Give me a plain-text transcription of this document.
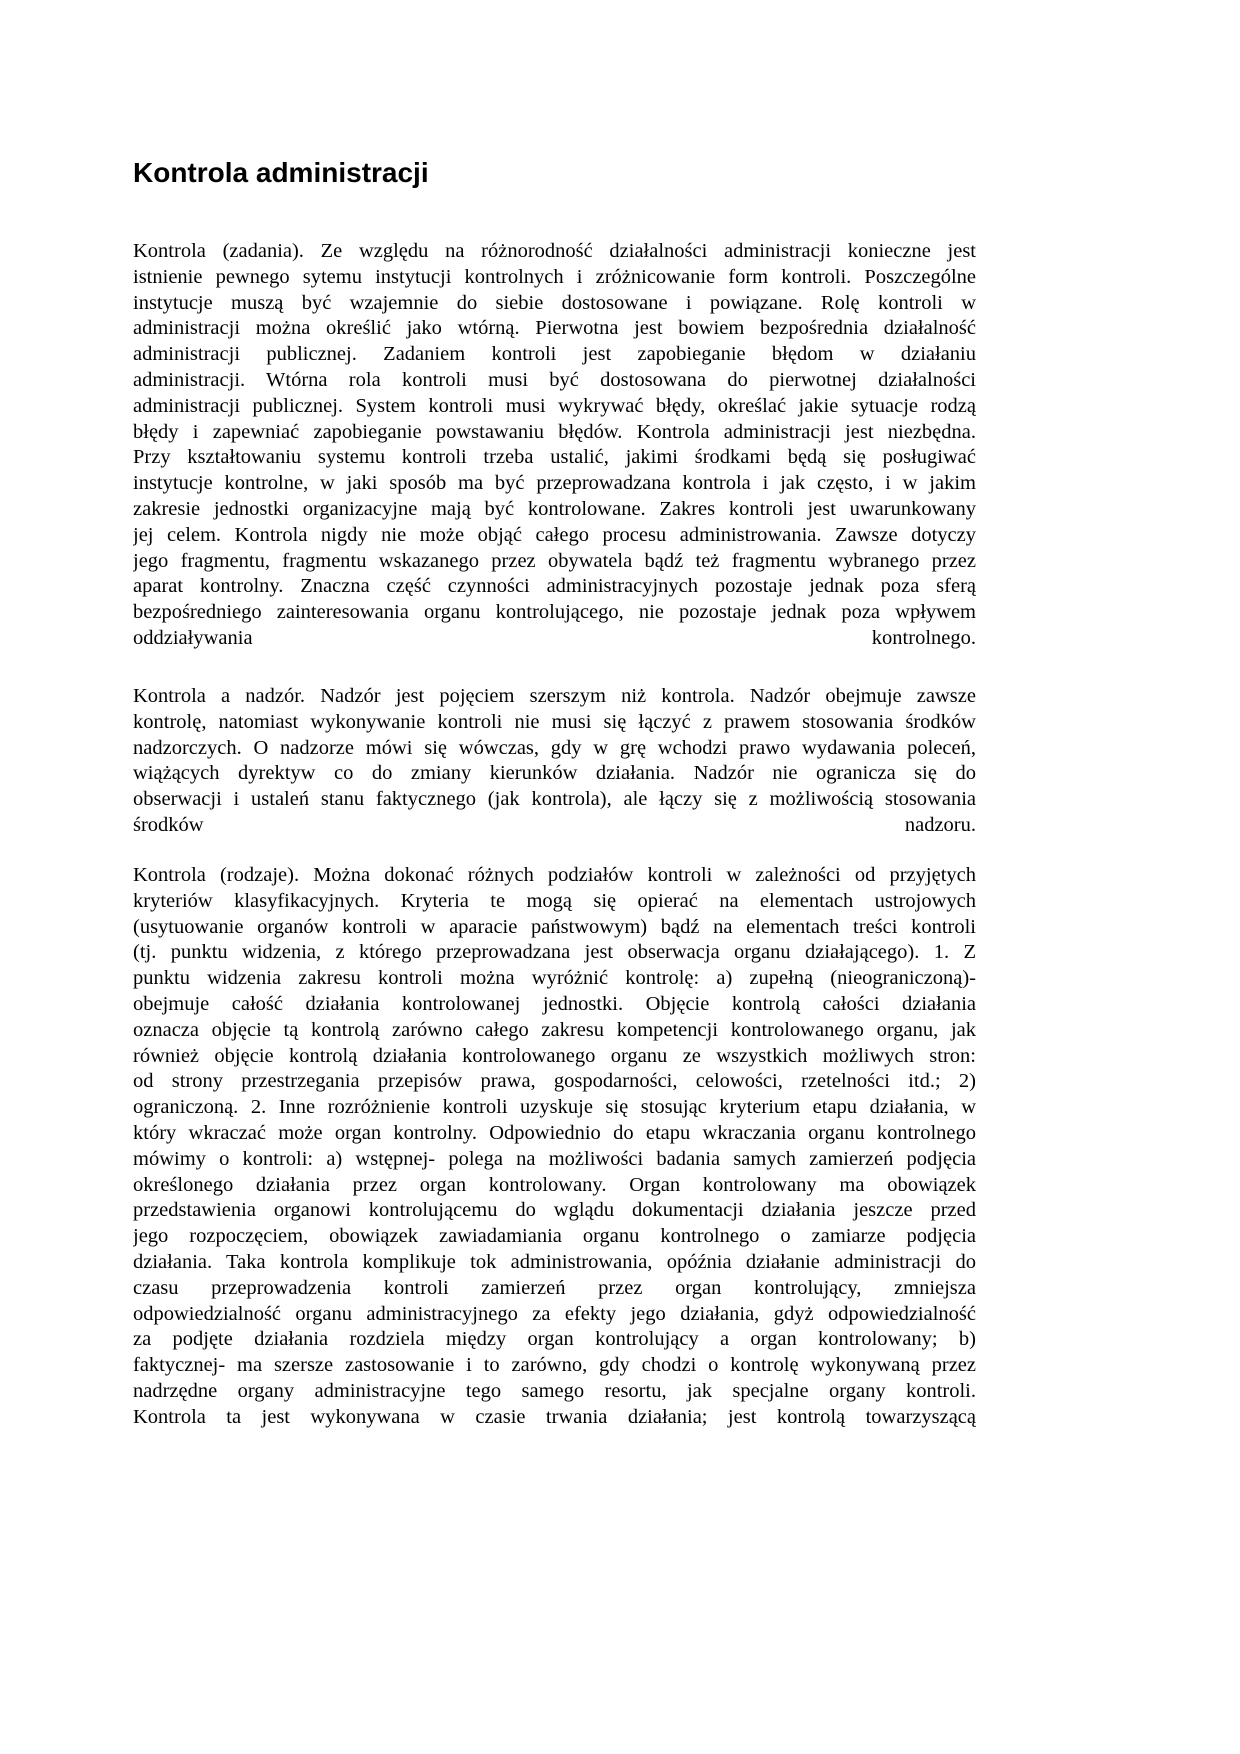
Kontrola administracji
Kontrola (zadania). Ze względu na różnorodność działalności administracji konieczne jest
istnienie pewnego sytemu instytucji kontrolnych i zróżnicowanie form kontroli. Poszczególne
instytucje muszą być wzajemnie do siebie dostosowane i powiązane. Rolę kontroli w
administracji można określić jako wtórną. Pierwotna jest bowiem bezpośrednia działalność
administracji publicznej. Zadaniem kontroli jest zapobieganie błędom w działaniu
administracji. Wtórna rola kontroli musi być dostosowana do pierwotnej działalności
administracji publicznej. System kontroli musi wykrywać błędy, określać jakie sytuacje rodzą
błędy i zapewniać zapobieganie powstawaniu błędów. Kontrola administracji jest niezbędna.
Przy kształtowaniu systemu kontroli trzeba ustalić, jakimi środkami będą się posługiwać
instytucje kontrolne, w jaki sposób ma być przeprowadzana kontrola i jak często, i w jakim
zakresie jednostki organizacyjne mają być kontrolowane. Zakres kontroli jest uwarunkowany
jej celem. Kontrola nigdy nie może objąć całego procesu administrowania. Zawsze dotyczy
jego fragmentu, fragmentu wskazanego przez obywatela bądź też fragmentu wybranego przez
aparat kontrolny. Znaczna część czynności administracyjnych pozostaje jednak poza sferą
bezpośredniego zainteresowania organu kontrolującego, nie pozostaje jednak poza wpływem
oddziaływania kontrolnego.
Kontrola a nadzór. Nadzór jest pojęciem szerszym niż kontrola. Nadzór obejmuje zawsze
kontrolę, natomiast wykonywanie kontroli nie musi się łączyć z prawem stosowania środków
nadzorczych. O nadzorze mówi się wówczas, gdy w grę wchodzi prawo wydawania poleceń,
wiążących dyrektyw co do zmiany kierunków działania. Nadzór nie ogranicza się do
obserwacji i ustaleń stanu faktycznego (jak kontrola), ale łączy się z możliwością stosowania
środków nadzoru.
Kontrola (rodzaje). Można dokonać różnych podziałów kontroli w zależności od przyjętych
kryteriów klasyfikacyjnych. Kryteria te mogą się opierać na elementach ustrojowych
(usytuowanie organów kontroli w aparacie państwowym) bądź na elementach treści kontroli
(tj. punktu widzenia, z którego przeprowadzana jest obserwacja organu działającego). 1. Z
punktu widzenia zakresu kontroli można wyróżnić kontrolę: a) zupełną (nieograniczoną)-
obejmuje całość działania kontrolowanej jednostki. Objęcie kontrolą całości działania
oznacza objęcie tą kontrolą zarówno całego zakresu kompetencji kontrolowanego organu, jak
również objęcie kontrolą działania kontrolowanego organu ze wszystkich możliwych stron:
od strony przestrzegania przepisów prawa, gospodarności, celowości, rzetelności itd.; 2)
ograniczoną. 2. Inne rozróżnienie kontroli uzyskuje się stosując kryterium etapu działania, w
który wkraczać może organ kontrolny. Odpowiednio do etapu wkraczania organu kontrolnego
mówimy o kontroli: a) wstępnej- polega na możliwości badania samych zamierzeń podjęcia
określonego działania przez organ kontrolowany. Organ kontrolowany ma obowiązek
przedstawienia organowi kontrolującemu do wglądu dokumentacji działania jeszcze przed
jego rozpoczęciem, obowiązek zawiadamiania organu kontrolnego o zamiarze podjęcia
działania. Taka kontrola komplikuje tok administrowania, opóźnia działanie administracji do
czasu przeprowadzenia kontroli zamierzeń przez organ kontrolujący, zmniejsza
odpowiedzialność organu administracyjnego za efekty jego działania, gdyż odpowiedzialność
za podjęte działania rozdziela między organ kontrolujący a organ kontrolowany; b)
faktycznej- ma szersze zastosowanie i to zarówno, gdy chodzi o kontrolę wykonywaną przez
nadrzędne organy administracyjne tego samego resortu, jak specjalne organy kontroli.
Kontrola ta jest wykonywana w czasie trwania działania; jest kontrolą towarzyszącą
